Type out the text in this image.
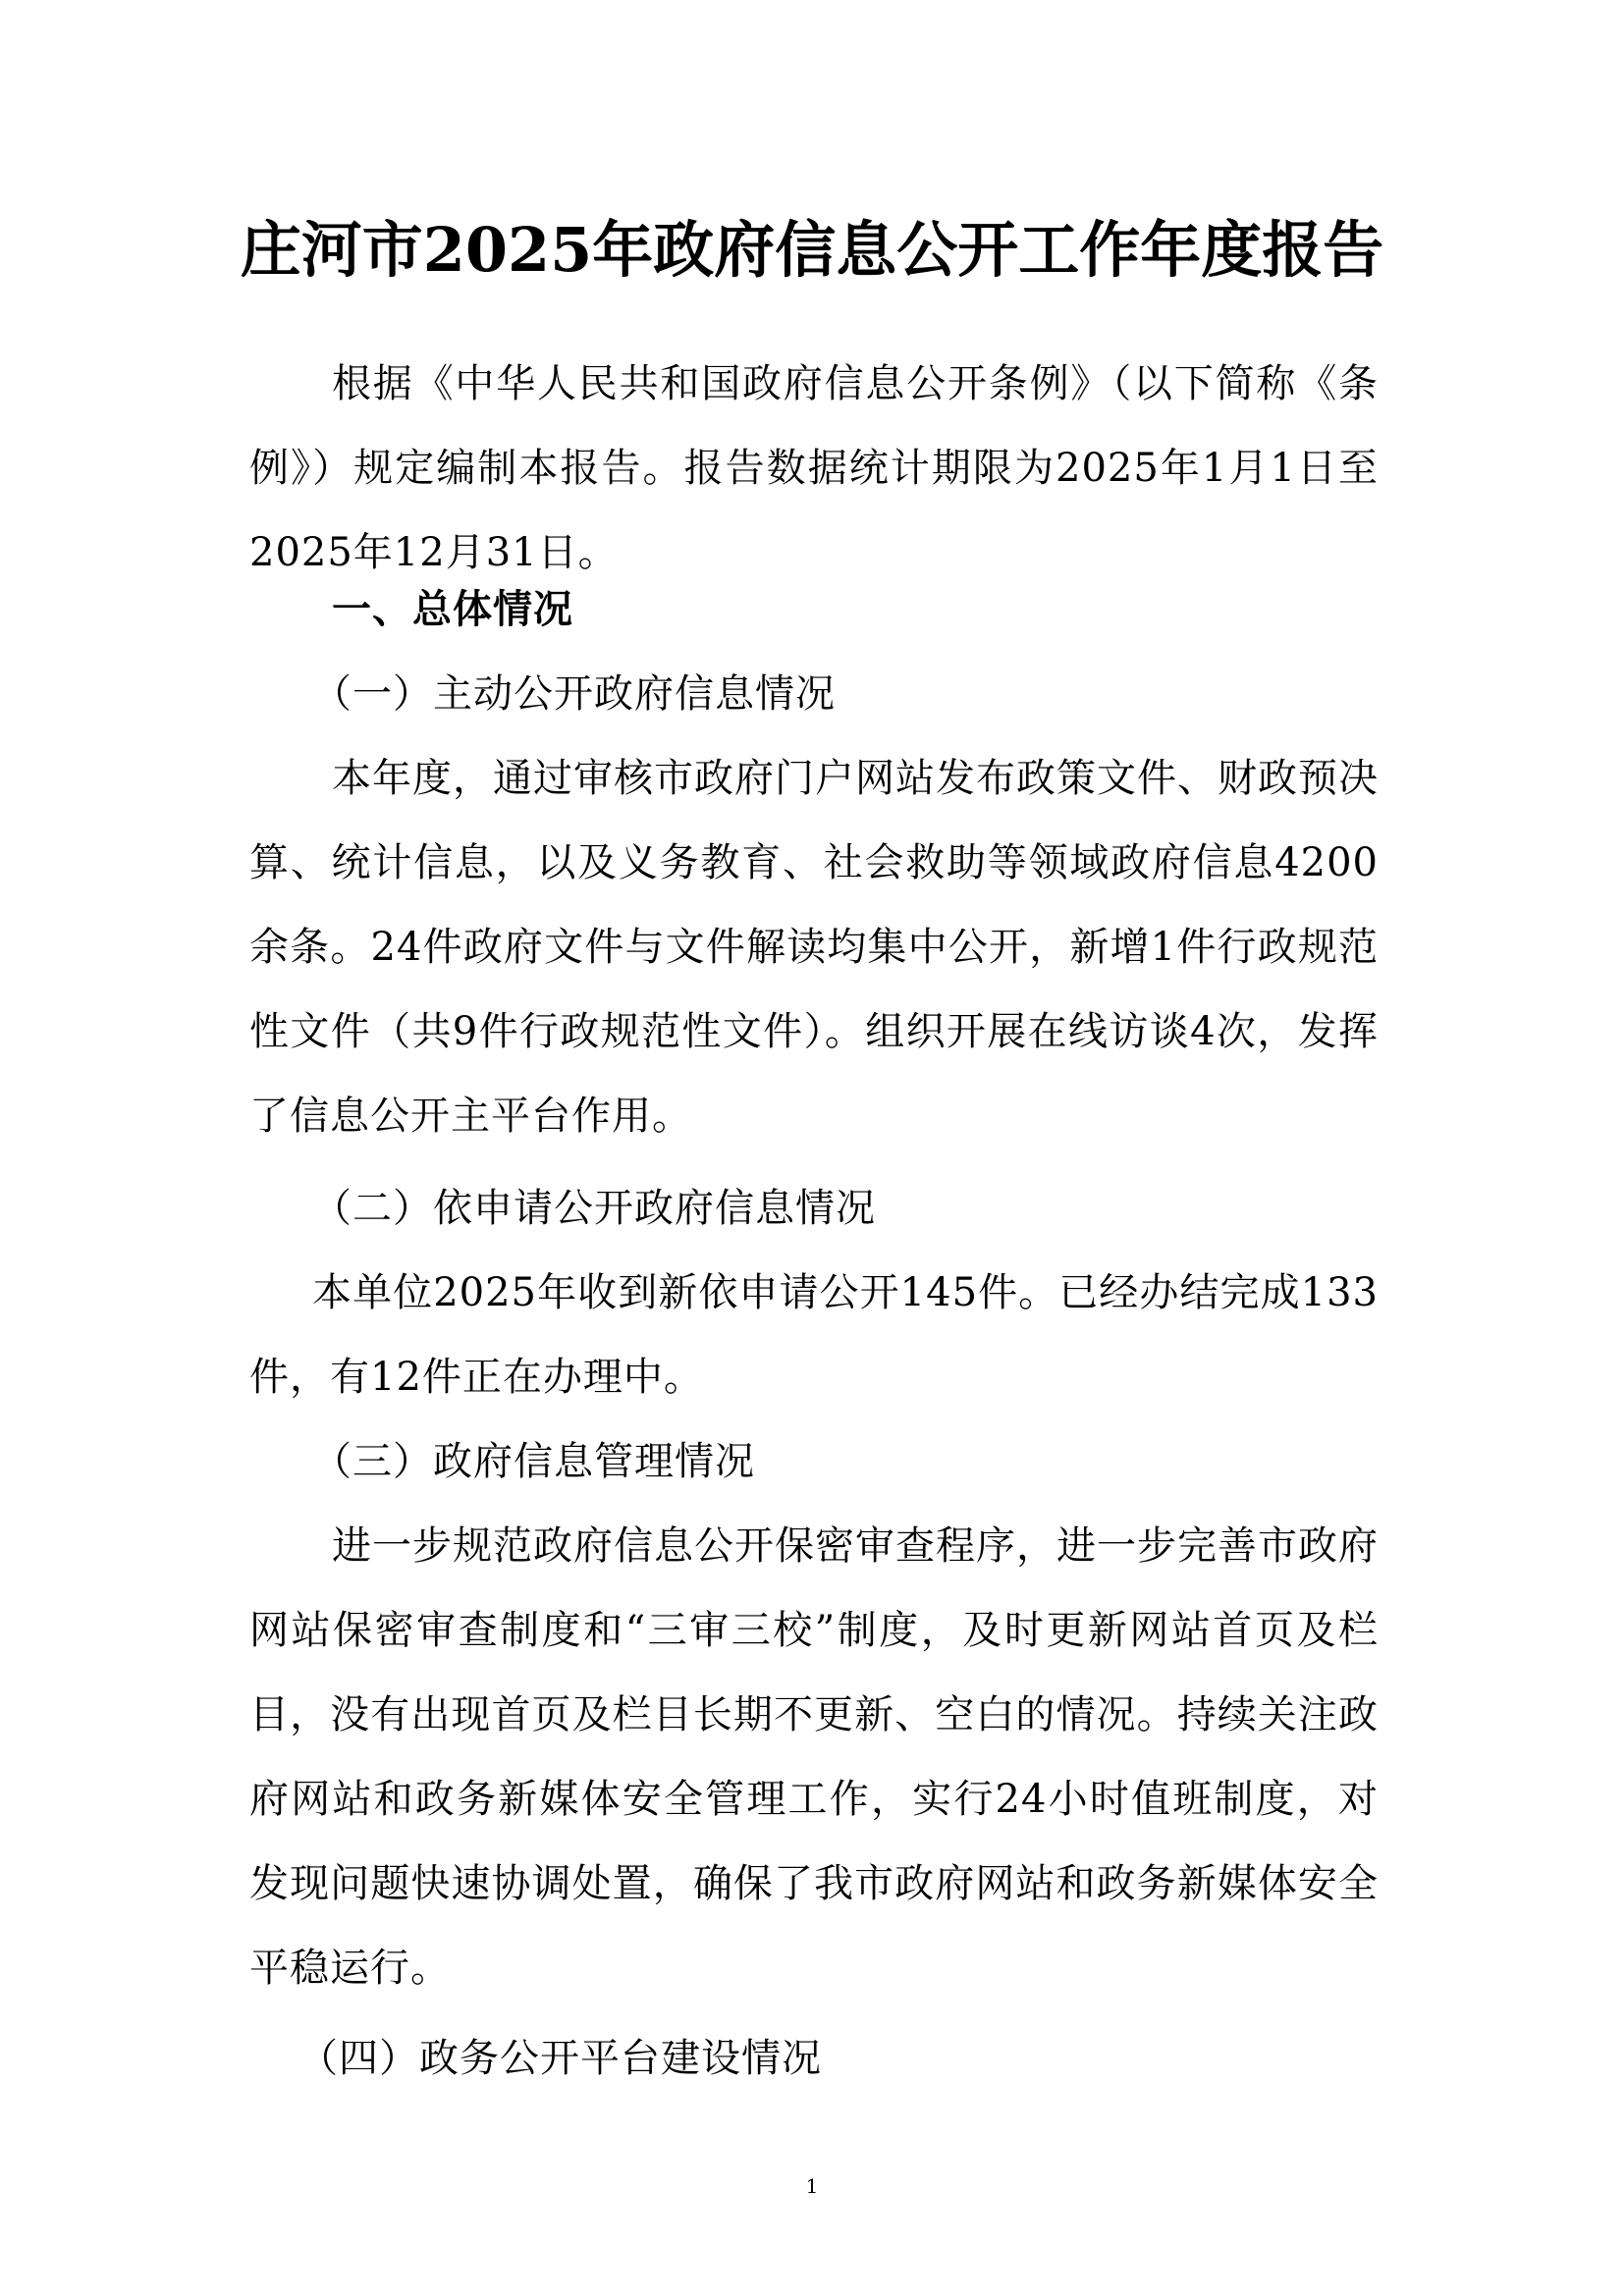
庄河市2025年政府信息公开工作年度报告

根据《中华人民共和国政府信息公开条例》（以下简称《条例》）规定编制本报告。报告数据统计期限为2025年1月1日至2025年12月31日。

一、总体情况
（一）主动公开政府信息情况

本年度，通过审核市政府门户网站发布政策文件、财政预决算、统计信息，以及义务教育、社会救助等领域政府信息4200余条。24件政府文件与文件解读均集中公开，新增1件行政规范性文件（共9件行政规范性文件）。组织开展在线访谈4次，发挥了信息公开主平台作用。

（二）依申请公开政府信息情况

本单位2025年收到新依申请公开145件。已经办结完成133件，有12件正在办理中。

（三）政府信息管理情况

进一步规范政府信息公开保密审查程序，进一步完善市政府网站保密审查制度和“三审三校”制度，及时更新网站首页及栏目，没有出现首页及栏目长期不更新、空白的情况。持续关注政府网站和政务新媒体安全管理工作，实行24小时值班制度，对发现问题快速协调处置，确保了我市政府网站和政务新媒体安全平稳运行。

（四）政务公开平台建设情况
1
